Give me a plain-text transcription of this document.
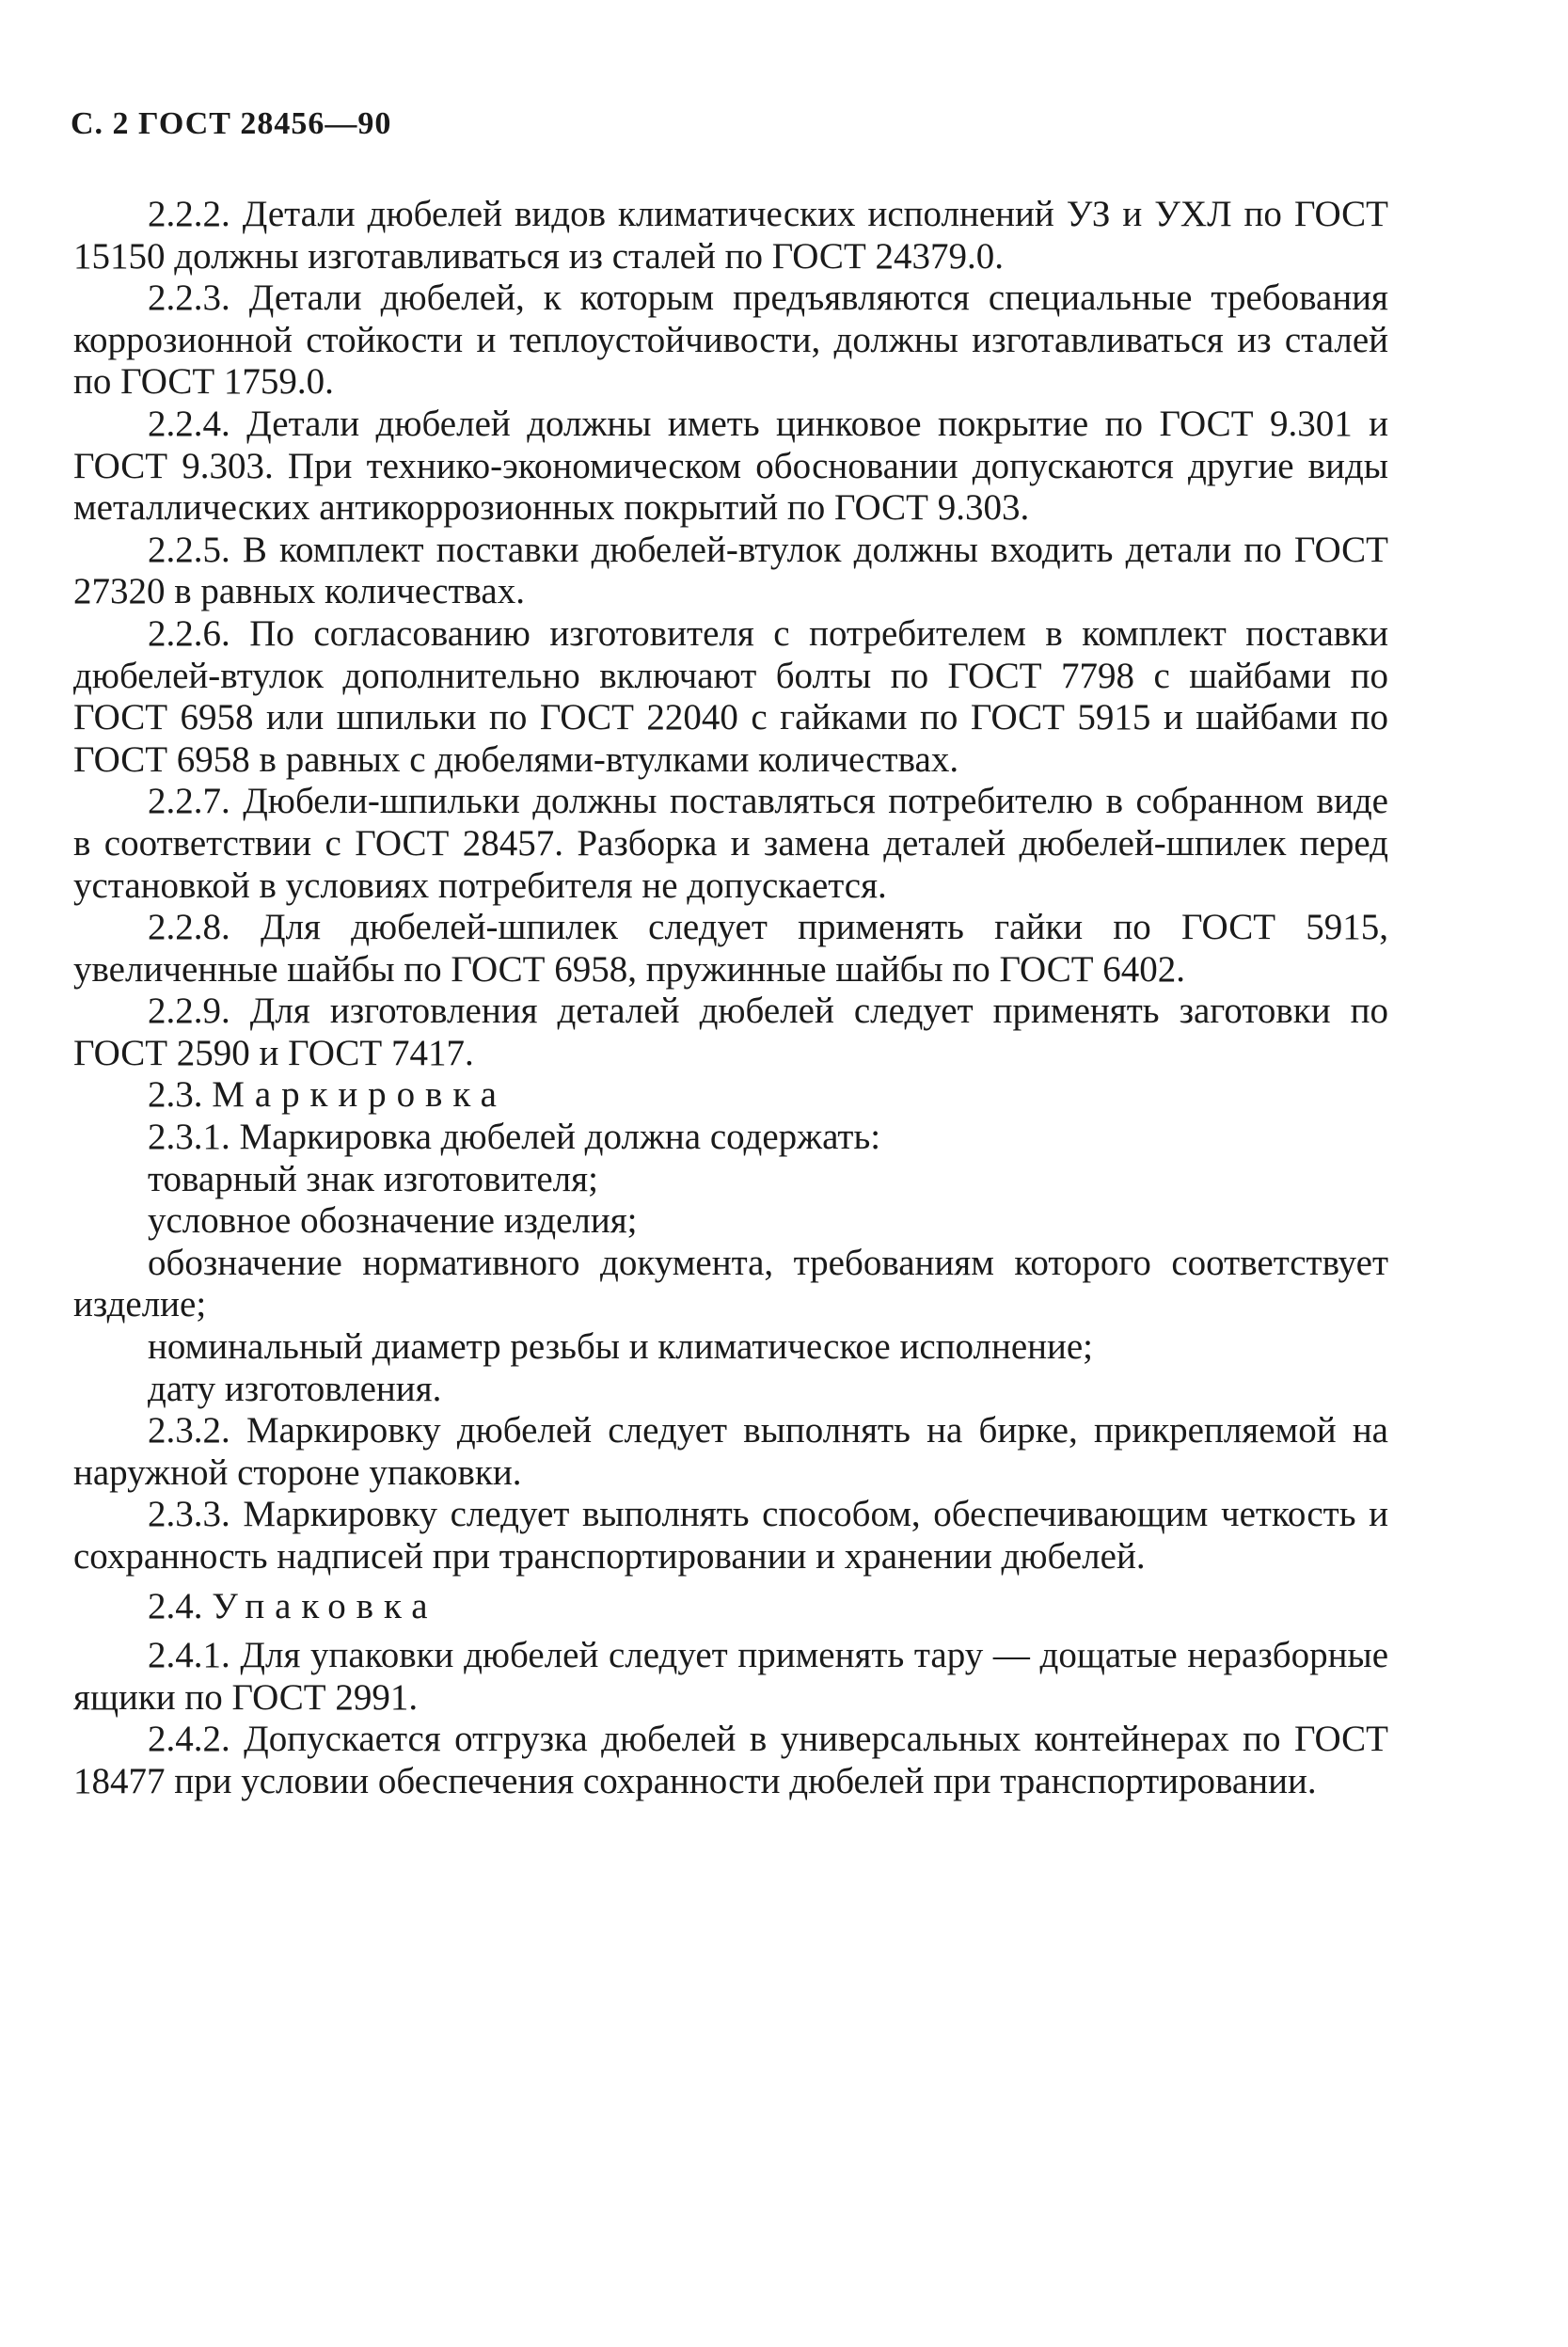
С. 2 ГОСТ 28456—90

2.2.2. Детали дюбелей видов климатических исполнений УЗ и УХЛ по ГОСТ 15150 должны изготавливаться из сталей по ГОСТ 24379.0.

2.2.3. Детали дюбелей, к которым предъявляются специальные требования коррозионной стойкости и теплоустойчивости, должны изготавливаться из сталей по ГОСТ 1759.0.

2.2.4. Детали дюбелей должны иметь цинковое покрытие по ГОСТ 9.301 и ГОСТ 9.303. При технико-экономическом обосновании допускаются другие виды металлических антикоррозионных покрытий по ГОСТ 9.303.

2.2.5. В комплект поставки дюбелей-втулок должны входить детали по ГОСТ 27320 в равных количествах.

2.2.6. По согласованию изготовителя с потребителем в комплект поставки дюбелей-втулок дополнительно включают болты по ГОСТ 7798 с шайбами по ГОСТ 6958 или шпильки по ГОСТ 22040 с гайками по ГОСТ 5915 и шайбами по ГОСТ 6958 в равных с дюбелями-втулками количествах.

2.2.7. Дюбели-шпильки должны поставляться потребителю в собранном виде в соответствии с ГОСТ 28457. Разборка и замена деталей дюбелей-шпилек перед установкой в условиях потребителя не допускается.

2.2.8. Для дюбелей-шпилек следует применять гайки по ГОСТ 5915, увеличенные шайбы по ГОСТ 6958, пружинные шайбы по ГОСТ 6402.

2.2.9. Для изготовления деталей дюбелей следует применять заготовки по ГОСТ 2590 и ГОСТ 7417.

2.3. Маркировка

2.3.1. Маркировка дюбелей должна содержать:

товарный знак изготовителя;

условное обозначение изделия;

обозначение нормативного документа, требованиям которого соответствует изделие;

номинальный диаметр резьбы и климатическое исполнение;

дату изготовления.

2.3.2. Маркировку дюбелей следует выполнять на бирке, прикрепляемой на наружной стороне упаковки.

2.3.3. Маркировку следует выполнять способом, обеспечивающим четкость и сохранность надписей при транспортировании и хранении дюбелей.

2.4. Упаковка

2.4.1. Для упаковки дюбелей следует применять тару — дощатые неразборные ящики по ГОСТ 2991.

2.4.2. Допускается отгрузка дюбелей в универсальных контейнерах по ГОСТ 18477 при условии обеспечения сохранности дюбелей при транспортировании.
